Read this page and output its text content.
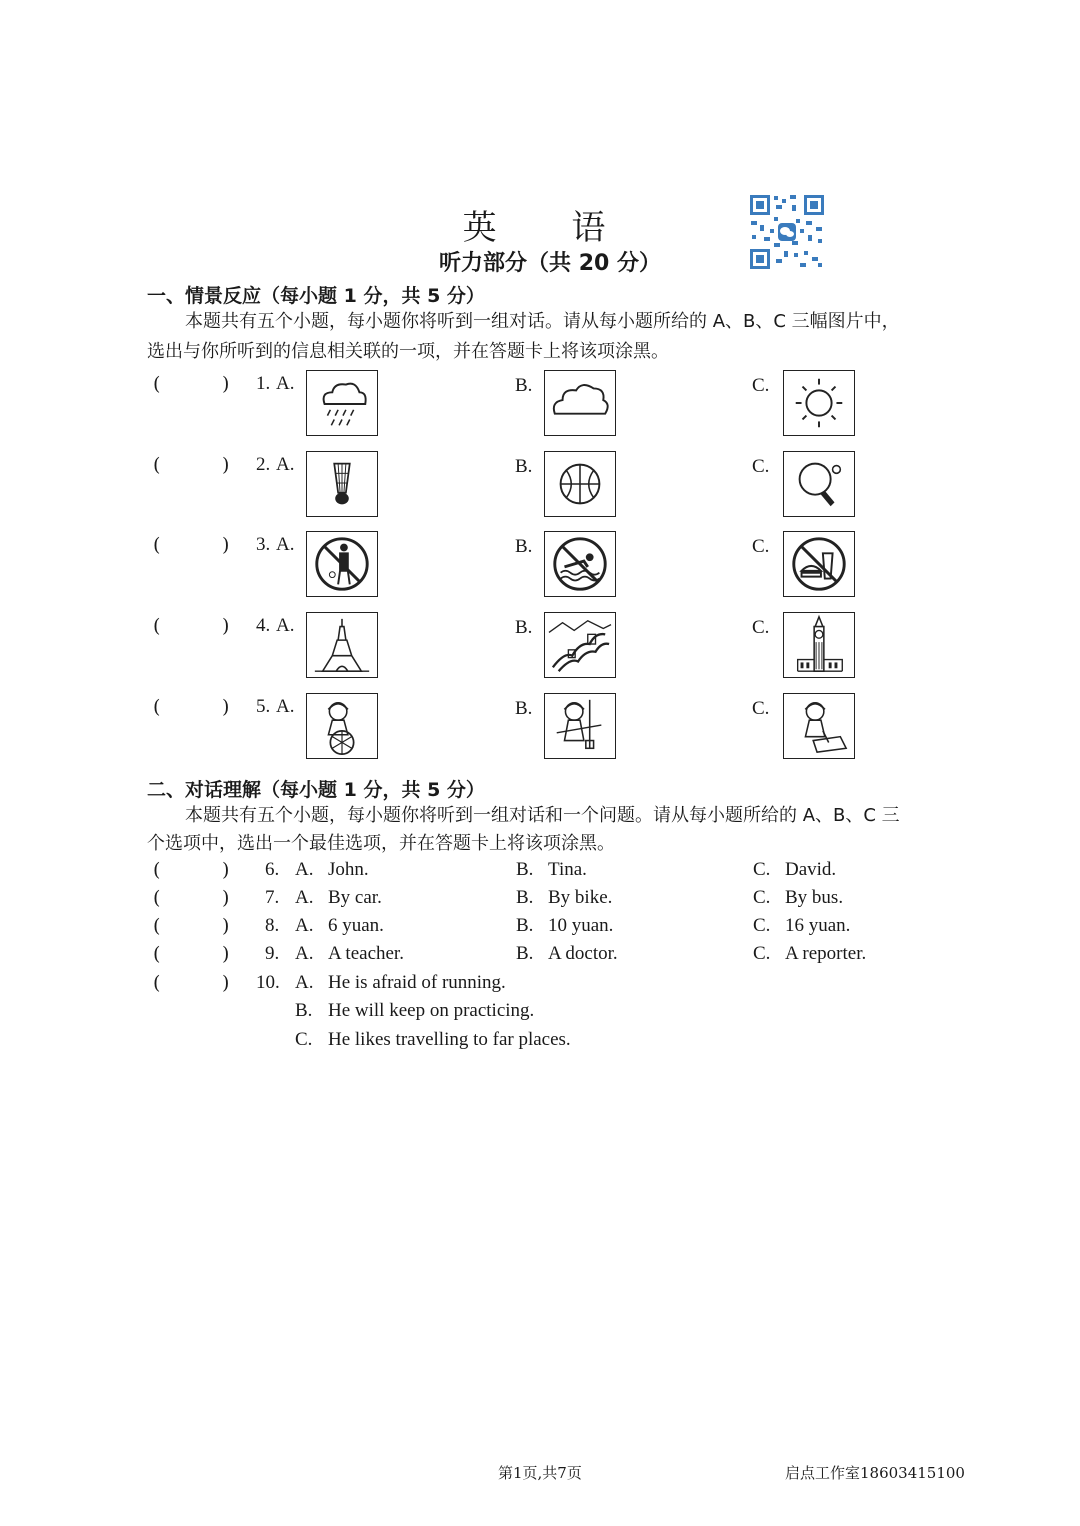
英 语
听力部分（共 20 分）
一、情景反应（每小题 1 分，共 5 分）
本题共有五个小题，每小题你将听到一组对话。请从每小题所给的 A、B、C 三幅图片中，
选出与你所听到的信息相关联的一项，并在答题卡上将该项涂黑。
(	) 1. A.	B.	C.
(	) 2. A.	B.	C.
(	) 3. A.	B.	C.
(	) 4. A.	B.	C.
(	) 5. A.	B.	C.
二、对话理解（每小题 1 分，共 5 分）
本题共有五个小题，每小题你将听到一组对话和一个问题。请从每小题所给的 A、B、C 三
个选项中，选出一个最佳选项，并在答题卡上将该项涂黑。
(	) 6. A. John.	B. Tina.	C. David.
(	) 7. A. By car.	B. By bike.	C. By bus.
(	) 8. A. 6 yuan.	B. 10 yuan.	C. 16 yuan.
(	) 9. A. A teacher.	B. A doctor.	C. A reporter.
(	) 10. A. He is afraid of running.
B. He will keep on practicing.
C. He likes travelling to far places.
第1页,共7页	启点工作室18603415100
